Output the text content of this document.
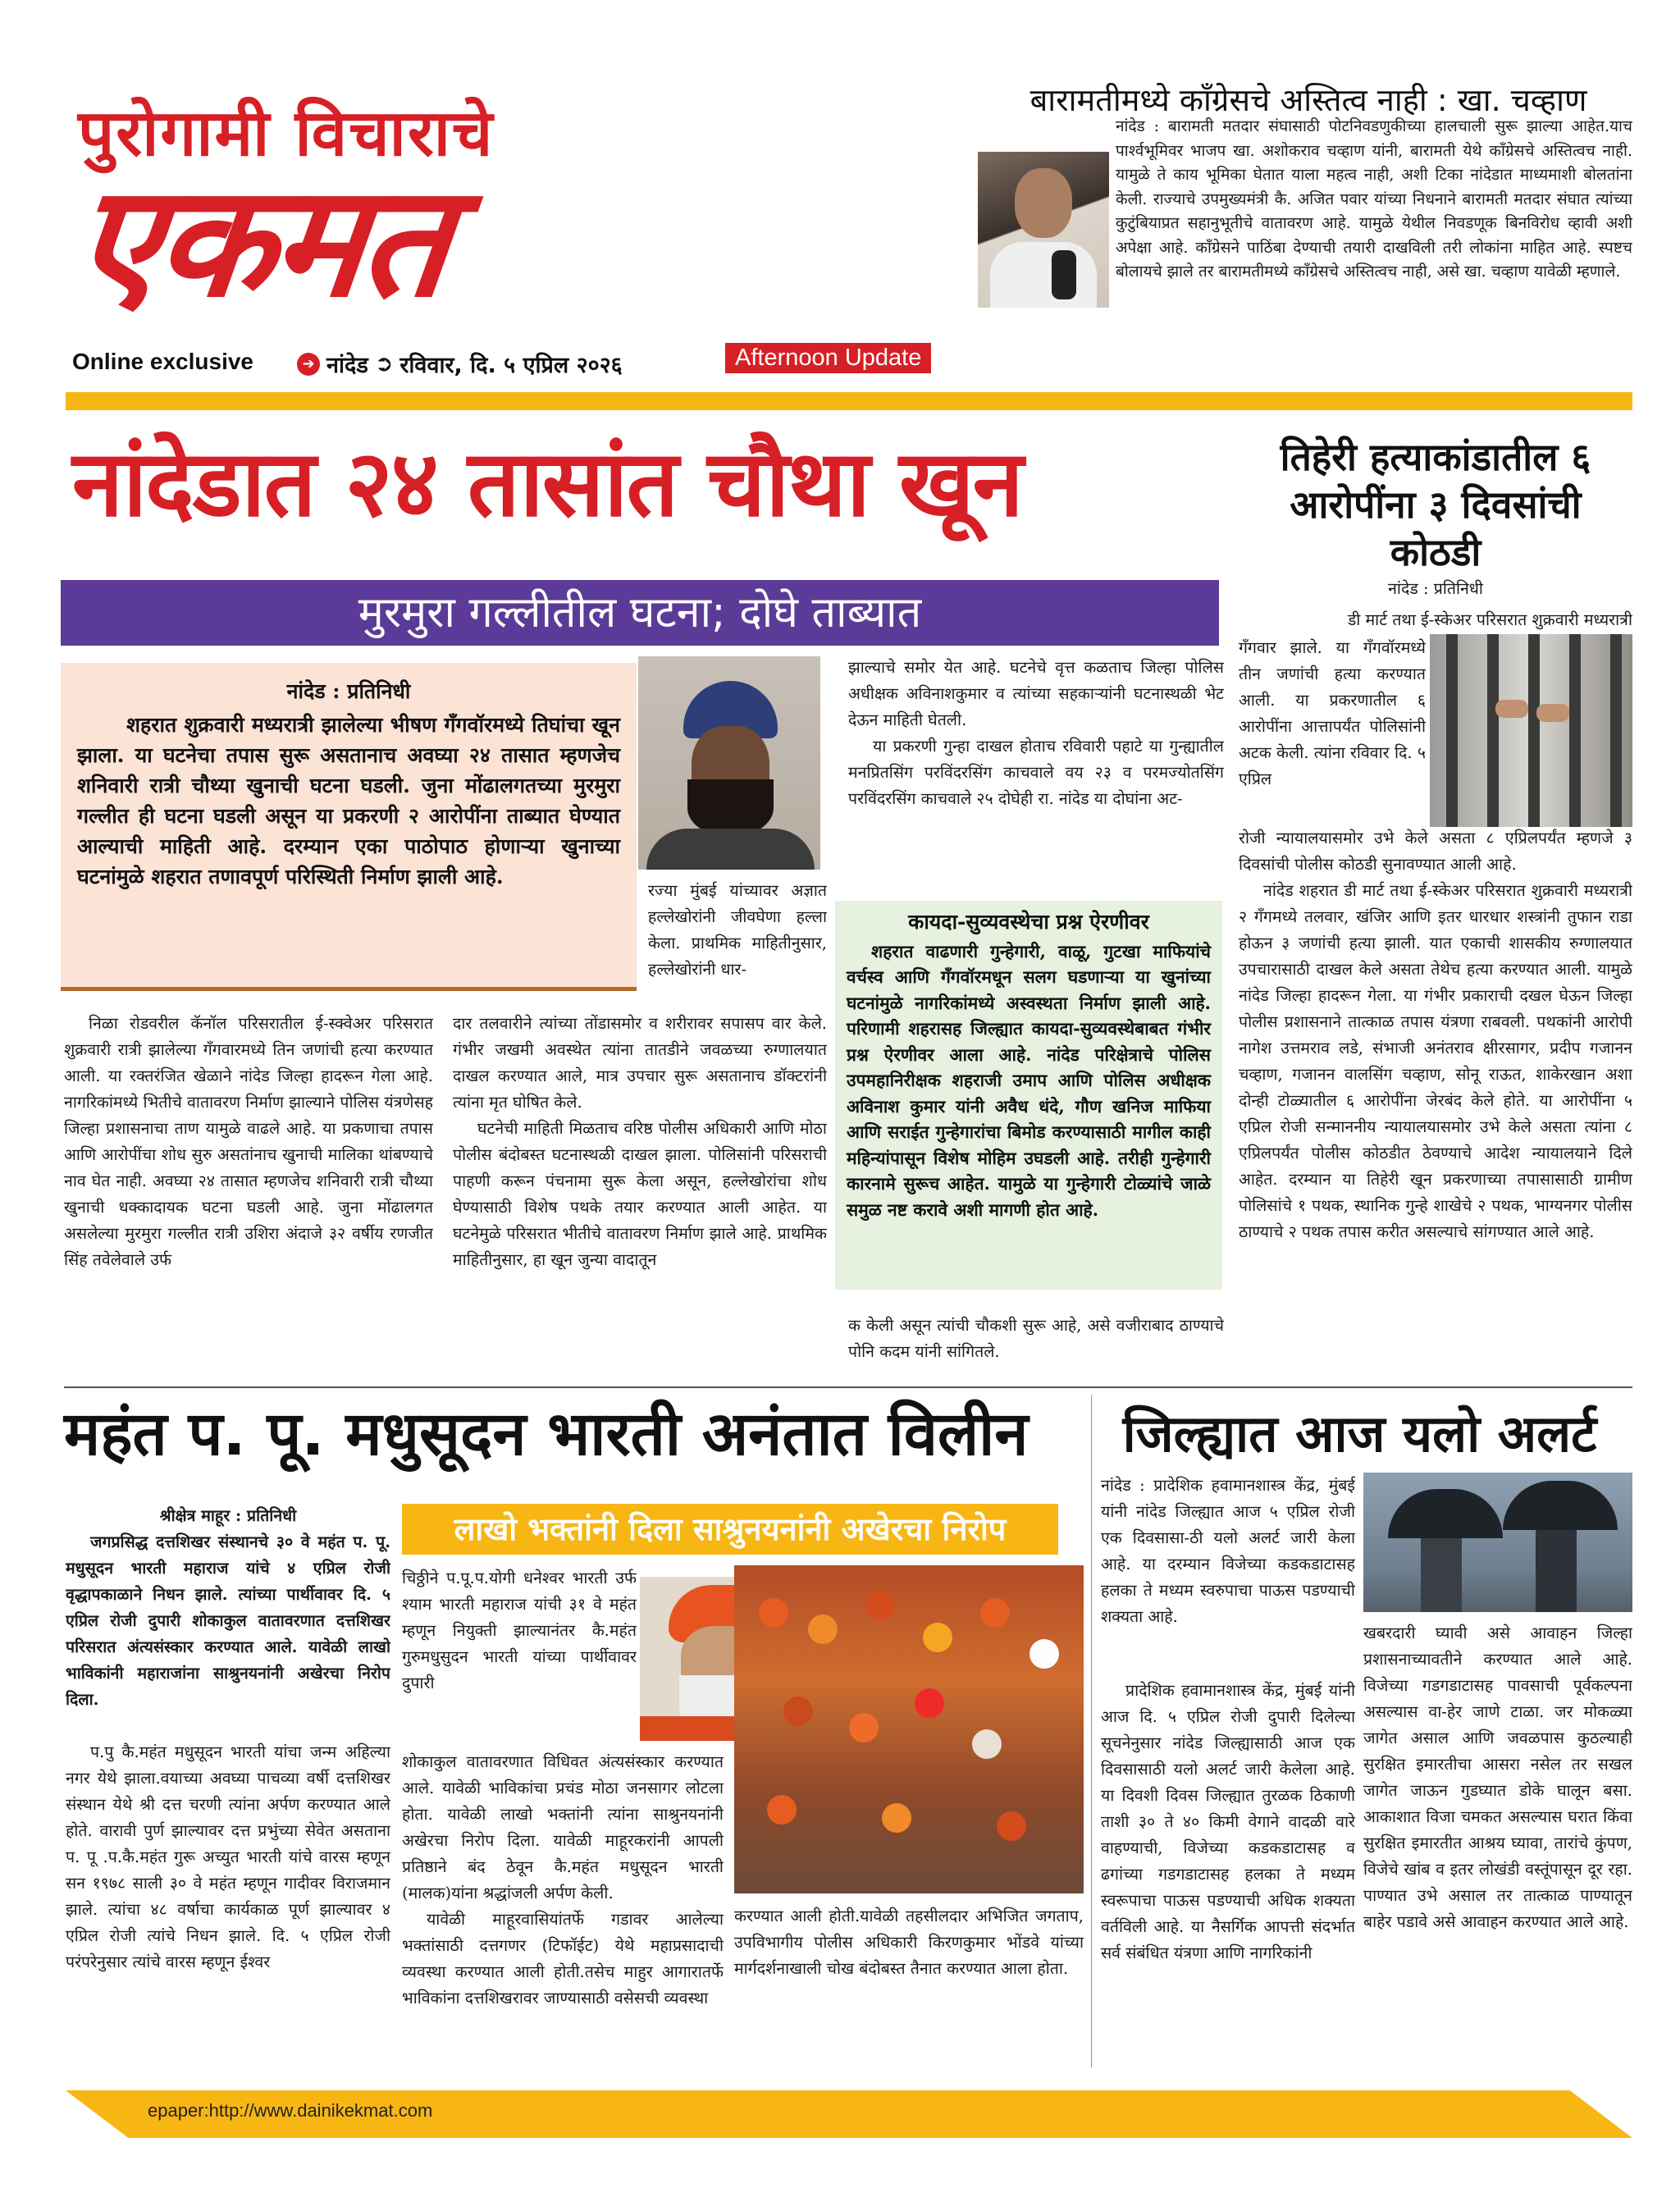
पुरोगामी विचाराचे
एकमत
Online exclusive	➔ नांदेड ➲ रविवार, दि. ५ एप्रिल २०२६	Afternoon Update
बारामतीमध्ये काँग्रेसचे अस्तित्व नाही : खा. चव्हाण

नांदेड : बारामती मतदार संघासाठी पोटनिवडणुकीच्या हालचाली सुरू झाल्या आहेत.याच पार्श्वभूमिवर भाजप खा. अशोकराव चव्हाण यांनी, बारामती येथे काँग्रेसचे अस्तित्वच नाही. यामुळे ते काय भूमिका घेतात याला महत्व नाही, अशी टिका नांदेडात माध्यमाशी बोलतांना केली. राज्याचे उपमुख्यमंत्री कै. अजित पवार यांच्या निधनाने बारामती मतदार संघात त्यांच्या कुटुंबियाप्रत सहानुभूतीचे वातावरण आहे. यामुळे येथील निवडणूक बिनविरोध व्हावी अशी अपेक्षा आहे. काँग्रेसने पाठिंबा देण्याची तयारी दाखविली तरी लोकांना माहित आहे. स्पष्टच बोलायचे झाले तर बारामतीमध्ये काँग्रेसचे अस्तित्वच नाही, असे खा. चव्हाण यावेळी म्हणाले.

नांदेडात २४ तासांत चौथा खून
मुरमुरा गल्लीतील घटना; दोघे ताब्यात
नांदेड : प्रतिनिधी

शहरात शुक्रवारी मध्यरात्री झालेल्या भीषण गँगवॉरमध्ये तिघांचा खून झाला. या घटनेचा तपास सुरू असतानाच अवघ्या २४ तासात म्हणजेच शनिवारी रात्री चौथ्या खुनाची घटना घडली. जुना मोंढालगतच्या मुरमुरा गल्लीत ही घटना घडली असून या प्रकरणी २ आरोपींना ताब्यात घेण्यात आल्याची माहिती आहे. दरम्यान एका पाठोपाठ होणाऱ्या खुनाच्या घटनांमुळे शहरात तणावपूर्ण परिस्थिती निर्माण झाली आहे.

निळा रोडवरील कॅनॉल परिसरातील ई-स्क्वेअर परिसरात शुक्रवारी रात्री झालेल्या गँगवारमध्ये तिन जणांची हत्या करण्यात आली. या रक्तरंजित खेळाने नांदेड जिल्हा हादरून गेला आहे. नागरिकांमध्ये भितीचे वातावरण निर्माण झाल्याने पोलिस यंत्रणेसह जिल्हा प्रशासनाचा ताण यामुळे वाढले आहे. या प्रकणाचा तपास आणि आरोपींचा शोध सुरु असतांनाच खुनाची मालिका थांबण्याचे नाव घेत नाही. अवघ्या २४ तासात म्हणजेच शनिवारी रात्री चौथ्या खुनाची धक्कादायक घटना घडली आहे. जुना मोंढालगत असलेल्या मुरमुरा गल्लीत रात्री उशिरा अंदाजे ३२ वर्षीय रणजीत सिंह तवेलेवाले उर्फ

रज्या मुंबई यांच्यावर अज्ञात हल्लेखोरांनी जीवघेणा हल्ला केला. प्राथमिक माहितीनुसार, हल्लेखोरांनी धार-

दार तलवारीने त्यांच्या तोंडासमोर व शरीरावर सपासप वार केले. गंभीर जखमी अवस्थेत त्यांना तातडीने जवळच्या रुग्णालयात दाखल करण्यात आले, मात्र उपचार सुरू असतानाच डॉक्टरांनी त्यांना मृत घोषित केले.

घटनेची माहिती मिळताच वरिष्ठ पोलीस अधिकारी आणि मोठा पोलीस बंदोबस्त घटनास्थळी दाखल झाला. पोलिसांनी परिसराची पाहणी करून पंचनामा सुरू केला असून, हल्लेखोरांचा शोध घेण्यासाठी विशेष पथके तयार करण्यात आली आहेत. या घटनेमुळे परिसरात भीतीचे वातावरण निर्माण झाले आहे. प्राथमिक माहितीनुसार, हा खून जुन्या वादातून

झाल्याचे समोर येत आहे. घटनेचे वृत्त कळताच जिल्हा पोलिस अधीक्षक अविनाशकुमार व त्यांच्या सहकाऱ्यांनी घटनास्थळी भेट देऊन माहिती घेतली.

या प्रकरणी गुन्हा दाखल होताच रविवारी पहाटे या गुन्ह्यातील मनप्रितसिंग परविंदरसिंग काचवाले वय २३ व परमज्योतसिंग परविंदरसिंग काचवाले २५ दोघेही रा. नांदेड या दोघांना अट-

कायदा-सुव्यवस्थेचा प्रश्न ऐरणीवर

शहरात वाढणारी गुन्हेगारी, वाळू, गुटखा माफियांचे वर्चस्व आणि गँगवॉरमधून सलग घडणाऱ्या या खुनांच्या घटनांमुळे नागरिकांमध्ये अस्वस्थता निर्माण झाली आहे. परिणामी शहरासह जिल्ह्यात कायदा-सुव्यवस्थेबाबत गंभीर प्रश्न ऐरणीवर आला आहे. नांदेड परिक्षेत्राचे पोलिस उपमहानिरीक्षक शहराजी उमाप आणि पोलिस अधीक्षक अविनाश कुमार यांनी अवैध धंदे, गौण खनिज माफिया आणि सराईत गुन्हेगारांचा बिमोड करण्यासाठी मागील काही महिन्यांपासून विशेष मोहिम उघडली आहे. तरीही गुन्हेगारी कारनामे सुरूच आहेत. यामुळे या गुन्हेगारी टोळ्यांचे जाळे समुळ नष्ट करावे अशी मागणी होत आहे.

क केली असून त्यांची चौकशी सुरू आहे, असे वजीराबाद ठाण्याचे पोनि कदम यांनी सांगितले.

तिहेरी हत्याकांडातील ६ आरोपींना ३ दिवसांची कोठडी
नांदेड : प्रतिनिधी

डी मार्ट तथा ई-स्केअर परिसरात शुक्रवारी मध्यरात्री

गँगवार झाले. या गँगवॉरमध्ये तीन जणांची हत्या करण्यात आली. या प्रकरणातील ६ आरोपींना आत्तापर्यंत पोलिसांनी अटक केली. त्यांना रविवार दि. ५ एप्रिल

रोजी न्यायालयासमोर उभे केले असता ८ एप्रिलपर्यंत म्हणजे ३ दिवसांची पोलीस कोठडी सुनावण्यात आली आहे.

नांदेड शहरात डी मार्ट तथा ई-स्केअर परिसरात शुक्रवारी मध्यरात्री २ गँगमध्ये तलवार, खंजिर आणि इतर धारधार शस्त्रांनी तुफान राडा होऊन ३ जणांची हत्या झाली. यात एकाची शासकीय रुग्णालयात उपचारासाठी दाखल केले असता तेथेच हत्या करण्यात आली. यामुळे नांदेड जिल्हा हादरून गेला. या गंभीर प्रकाराची दखल घेऊन जिल्हा पोलीस प्रशासनाने तात्काळ तपास यंत्रणा राबवली. पथकांनी आरोपी नागेश उत्तमराव लडे, संभाजी अनंतराव क्षीरसागर, प्रदीप गजानन चव्हाण, गजानन वालसिंग चव्हाण, सोनू राऊत, शाकेरखान अशा दोन्ही टोळ्यातील ६ आरोपींना जेरबंद केले होते. या आरोपींना ५ एप्रिल रोजी सन्माननीय न्यायालयासमोर उभे केले असता त्यांना ८ एप्रिलपर्यंत पोलीस कोठडीत ठेवण्याचे आदेश न्यायालयाने दिले आहेत. दरम्यान या तिहेरी खून प्रकरणाच्या तपासासाठी ग्रामीण पोलिसांचे १ पथक, स्थानिक गुन्हे शाखेचे २ पथक, भाग्यनगर पोलीस ठाण्याचे २ पथक तपास करीत असल्याचे सांगण्यात आले आहे.

महंत प. पू. मधुसूदन भारती अनंतात विलीन
लाखो भक्तांनी दिला साश्रुनयनांनी अखेरचा निरोप

श्रीक्षेत्र माहूर : प्रतिनिधी

जगप्रसिद्ध दत्तशिखर संस्थानचे ३० वे महंत प. पू. मधुसूदन भारती महाराज यांचे ४ एप्रिल रोजी वृद्धापकाळाने निधन झाले. त्यांच्या पार्थीवावर दि. ५ एप्रिल रोजी दुपारी शोकाकुल वातावरणात दत्तशिखर परिसरात अंत्यसंस्कार करण्यात आले. यावेळी लाखो भाविकांनी महाराजांना साश्रुनयनांनी अखेरचा निरोप दिला.

प.पु कै.महंत मधुसूदन भारती यांचा जन्म अहिल्या नगर येथे झाला.वयाच्या अवघ्या पाचव्या वर्षी दत्तशिखर संस्थान येथे श्री दत्त चरणी त्यांना अर्पण करण्यात आले होते. वारावी पुर्ण झाल्यावर दत्त प्रभुंच्या सेवेत असताना प. पू .प.कै.महंत गुरू अच्युत भारती यांचे वारस म्हणून सन १९७८ साली ३० वे महंत म्हणून गादीवर विराजमान झाले. त्यांचा ४८ वर्षाचा कार्यकाळ पूर्ण झाल्यावर ४ एप्रिल रोजी त्यांचे निधन झाले. दि. ५ एप्रिल रोजी परंपरेनुसार त्यांचे वारस म्हणून ईश्वर

चिठ्ठीने प.पू.प.योगी धनेश्वर भारती उर्फ श्याम भारती महाराज यांची ३१ वे महंत म्हणून नियुक्ती झाल्यानंतर कै.महंत गुरुमधुसुदन भारती यांच्या पार्थीवावर दुपारी

शोकाकुल वातावरणात विधिवत अंत्यसंस्कार करण्यात आले. यावेळी भाविकांचा प्रचंड मोठा जनसागर लोटला होता. यावेळी लाखो भक्तांनी त्यांना साश्रुनयनांनी अखेरचा निरोप दिला. यावेळी माहूरकरांनी आपली प्रतिष्ठाने बंद ठेवून कै.महंत मधुसूदन भारती (मालक)यांना श्रद्धांजली अर्पण केली.

यावेळी माहूरवासियांतर्फे गडावर आलेल्या भक्तांसाठी दत्तगणर (टिफॉईट) येथे महाप्रसादाची व्यवस्था करण्यात आली होती.तसेच माहुर आगारातर्फे भाविकांना दत्तशिखरावर जाण्यासाठी वसेसची व्यवस्था

करण्यात आली होती.यावेळी तहसीलदार अभिजित जगताप, उपविभागीय पोलीस अधिकारी किरणकुमार भोंडवे यांच्या मार्गदर्शनाखाली चोख बंदोबस्त तैनात करण्यात आला होता.

जिल्ह्यात आज यलो अलर्ट

नांदेड : प्रादेशिक हवामानशास्त्र केंद्र, मुंबई यांनी नांदेड जिल्ह्यात आज ५ एप्रिल रोजी एक दिवसासा-ठी यलो अलर्ट जारी केला आहे. या दरम्यान विजेच्या कडकडाटासह हलका ते मध्यम स्वरुपाचा पाऊस पडण्याची शक्यता आहे.

प्रादेशिक हवामानशास्त्र केंद्र, मुंबई यांनी आज दि. ५ एप्रिल रोजी दुपारी दिलेल्या सूचनेनुसार नांदेड जिल्ह्यासाठी आज एक दिवसासाठी यलो अलर्ट जारी केलेला आहे. या दिवशी दिवस जिल्ह्यात तुरळक ठिकाणी ताशी ३० ते ४० किमी वेगाने वादळी वारे वाहण्याची, विजेच्या कडकडाटासह व ढगांच्या गडगडाटासह हलका ते मध्यम स्वरूपाचा पाऊस पडण्याची अधिक शक्यता वर्तविली आहे. या नैसर्गिक आपत्ती संदर्भात सर्व संबंधित यंत्रणा आणि नागरिकांनी

खबरदारी घ्यावी असे आवाहन जिल्हा प्रशासनाच्यावतीने करण्यात आले आहे. विजेच्या गडगडाटासह पावसाची पूर्वकल्पना असल्यास वा-हेर जाणे टाळा. जर मोकळ्या जागेत असाल आणि जवळपास कुठल्याही सुरक्षित इमारतीचा आसरा नसेल तर सखल जागेत जाऊन गुडघ्यात डोके घालून बसा. आकाशात विजा चमकत असल्यास घरात किंवा सुरक्षित इमारतीत आश्रय घ्यावा, तारांचे कुंपण, विजेचे खांब व इतर लोखंडी वस्तूंपासून दूर रहा. पाण्यात उभे असाल तर तात्काळ पाण्यातून बाहेर पडावे असे आवाहन करण्यात आले आहे.

epaper:http://www.dainikekmat.com
